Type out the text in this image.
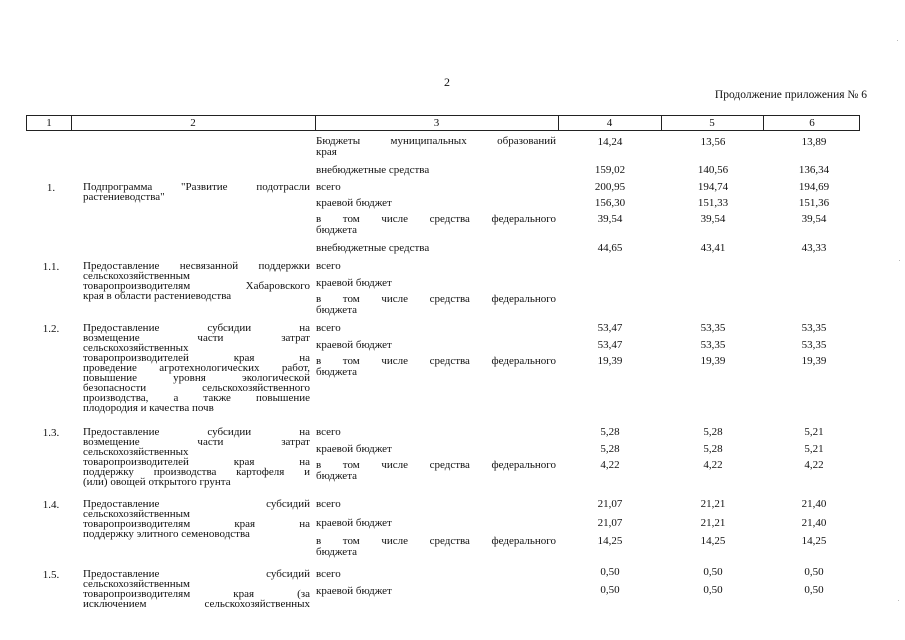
2
Продолжение приложения № 6
1	2	3	4	5	6
Бюджеты муниципальных образований
края
14,24	13,56	13,89
внебюджетные средства	159,02	140,56	136,34
1.	Подпрограмма "Развитие подотрасли
растениеводства"
всего	200,95	194,74	194,69
краевой бюджет	156,30	151,33	151,36
в том числе средства федерального
бюджета
39,54	39,54	39,54
внебюджетные средства	44,65	43,41	43,33
1.1.	Предоставление несвязанной поддержки
сельскохозяйственным
товаропроизводителям Хабаровского
края в области растениеводства
всего
краевой бюджет
в том числе средства федерального
бюджета
1.2.	Предоставление субсидии на
возмещение части затрат
сельскохозяйственных
товаропроизводителей края на
проведение агротехнологических работ,
повышение уровня экологической
безопасности сельскохозяйственного
производства, а также повышение
плодородия и качества почв
всего	53,47	53,35	53,35
краевой бюджет	53,47	53,35	53,35
в том числе средства федерального
бюджета
19,39	19,39	19,39
1.3.	Предоставление субсидии на
возмещение части затрат
сельскохозяйственных
товаропроизводителей края на
поддержку производства картофеля и
(или) овощей открытого грунта
всего	5,28	5,28	5,21
краевой бюджет	5,28	5,28	5,21
в том числе средства федерального
бюджета
4,22	4,22	4,22
1.4.	Предоставление субсидий
сельскохозяйственным
товаропроизводителям края на
поддержку элитного семеноводства
всего	21,07	21,21	21,40
краевой бюджет	21,07	21,21	21,40
в том числе средства федерального
бюджета
14,25	14,25	14,25
1.5.	Предоставление субсидий
сельскохозяйственным
товаропроизводителям края (за
исключением сельскохозяйственных
всего	0,50	0,50	0,50
краевой бюджет	0,50	0,50	0,50
